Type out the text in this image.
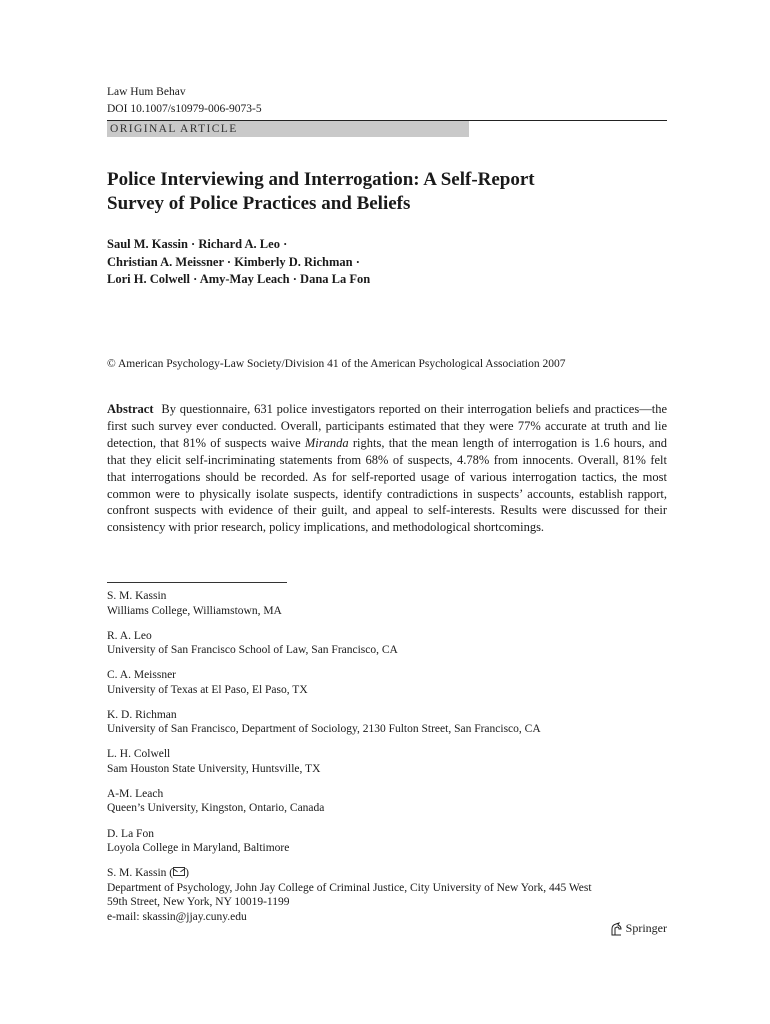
Law Hum Behav
DOI 10.1007/s10979-006-9073-5
ORIGINAL ARTICLE
Police Interviewing and Interrogation: A Self-Report
Survey of Police Practices and Beliefs
Saul M. Kassin · Richard A. Leo ·
Christian A. Meissner · Kimberly D. Richman ·
Lori H. Colwell · Amy-May Leach · Dana La Fon
© American Psychology-Law Society/Division 41 of the American Psychological Association 2007

Abstract By questionnaire, 631 police investigators reported on their interrogation beliefs and practices—the first such survey ever conducted. Overall, participants estimated that they were 77% accurate at truth and lie detection, that 81% of suspects waive Miranda rights, that the mean length of interrogation is 1.6 hours, and that they elicit self-incriminating statements from 68% of suspects, 4.78% from innocents. Overall, 81% felt that interrogations should be recorded. As for self-reported usage of various interrogation tactics, the most common were to physically isolate suspects, identify contradictions in suspects’ accounts, establish rapport, confront suspects with evidence of their guilt, and appeal to self-interests. Results were discussed for their consistency with prior research, policy implications, and methodological shortcomings.

S. M. Kassin
Williams College, Williamstown, MA
R. A. Leo
University of San Francisco School of Law, San Francisco, CA
C. A. Meissner
University of Texas at El Paso, El Paso, TX
K. D. Richman
University of San Francisco, Department of Sociology, 2130 Fulton Street, San Francisco, CA
L. H. Colwell
Sam Houston State University, Huntsville, TX
A-M. Leach
Queen’s University, Kingston, Ontario, Canada
D. La Fon
Loyola College in Maryland, Baltimore
S. M. Kassin ( )
Department of Psychology, John Jay College of Criminal Justice, City University of New York, 445 West
59th Street, New York, NY 10019-1199
e-mail: skassin@jjay.cuny.edu
Springer
